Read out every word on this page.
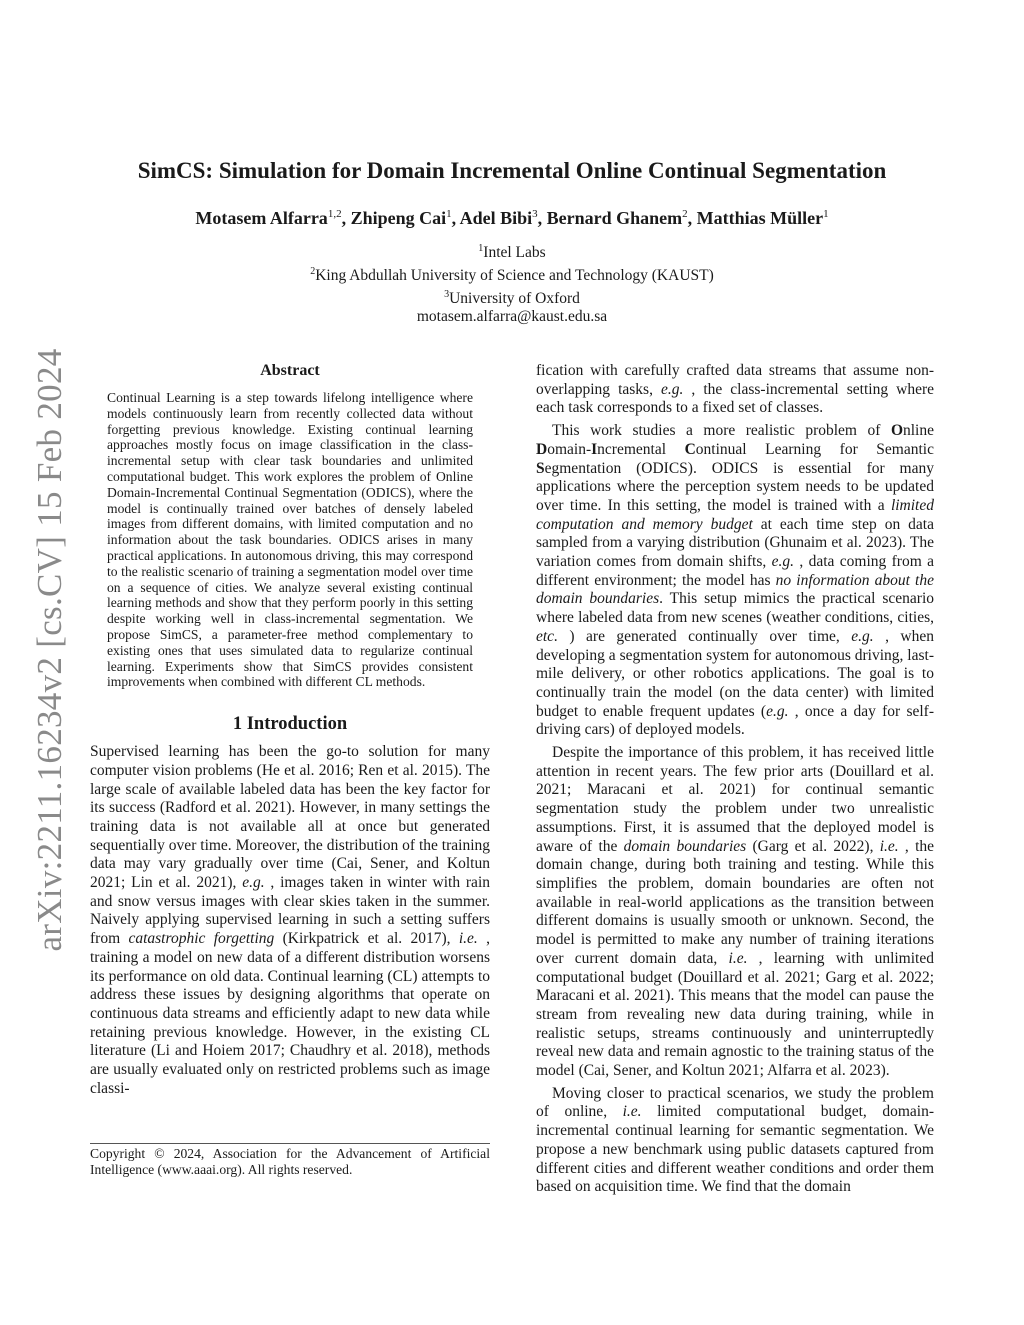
arXiv:2211.16234v2 [cs.CV] 15 Feb 2024
SimCS: Simulation for Domain Incremental Online Continual Segmentation
Motasem Alfarra$^{1,2}$, Zhipeng Cai$^1$, Adel Bibi$^3$, Bernard Ghanem$^2$, Matthias Müller$^1$
$^1$Intel Labs
$^2$King Abdullah University of Science and Technology (KAUST)
$^3$University of Oxford
motasem.alfarra@kaust.edu.sa
Abstract

Continual Learning is a step towards lifelong intelligence where models continuously learn from recently collected data without forgetting previous knowledge. Existing continual learning approaches mostly focus on image classification in the class-incremental setup with clear task boundaries and unlimited computational budget. This work explores the problem of Online Domain-Incremental Continual Segmentation (ODICS), where the model is continually trained over batches of densely labeled images from different domains, with limited computation and no information about the task boundaries. ODICS arises in many practical applications. In autonomous driving, this may correspond to the realistic scenario of training a segmentation model over time on a sequence of cities. We analyze several existing continual learning methods and show that they perform poorly in this setting despite working well in class-incremental segmentation. We propose SimCS, a parameter-free method complementary to existing ones that uses simulated data to regularize continual learning. Experiments show that SimCS provides consistent improvements when combined with different CL methods.

1 Introduction

Supervised learning has been the go-to solution for many computer vision problems (He et al. 2016; Ren et al. 2015). The large scale of available labeled data has been the key factor for its success (Radford et al. 2021). However, in many settings the training data is not available all at once but generated sequentially over time. Moreover, the distribution of the training data may vary gradually over time (Cai, Sener, and Koltun 2021; Lin et al. 2021), e.g. , images taken in winter with rain and snow versus images with clear skies taken in the summer. Naively applying supervised learning in such a setting suffers from catastrophic forgetting (Kirkpatrick et al. 2017), i.e. , training a model on new data of a different distribution worsens its performance on old data. Continual learning (CL) attempts to address these issues by designing algorithms that operate on continuous data streams and efficiently adapt to new data while retaining previous knowledge. However, in the existing CL literature (Li and Hoiem 2017; Chaudhry et al. 2018), methods are usually evaluated only on restricted problems such as image classi-

Copyright © 2024, Association for the Advancement of Artificial Intelligence (www.aaai.org). All rights reserved.

fication with carefully crafted data streams that assume non-overlapping tasks, e.g. , the class-incremental setting where each task corresponds to a fixed set of classes.

This work studies a more realistic problem of Online Domain-Incremental Continual Learning for Semantic Segmentation (ODICS). ODICS is essential for many applications where the perception system needs to be updated over time. In this setting, the model is trained with a limited computation and memory budget at each time step on data sampled from a varying distribution (Ghunaim et al. 2023). The variation comes from domain shifts, e.g. , data coming from a different environment; the model has no information about the domain boundaries. This setup mimics the practical scenario where labeled data from new scenes (weather conditions, cities, etc. ) are generated continually over time, e.g. , when developing a segmentation system for autonomous driving, last-mile delivery, or other robotics applications. The goal is to continually train the model (on the data center) with limited budget to enable frequent updates (e.g. , once a day for self-driving cars) of deployed models.

Despite the importance of this problem, it has received little attention in recent years. The few prior arts (Douillard et al. 2021; Maracani et al. 2021) for continual semantic segmentation study the problem under two unrealistic assumptions. First, it is assumed that the deployed model is aware of the domain boundaries (Garg et al. 2022), i.e. , the domain change, during both training and testing. While this simplifies the problem, domain boundaries are often not available in real-world applications as the transition between different domains is usually smooth or unknown. Second, the model is permitted to make any number of training iterations over current domain data, i.e. , learning with unlimited computational budget (Douillard et al. 2021; Garg et al. 2022; Maracani et al. 2021). This means that the model can pause the stream from revealing new data during training, while in realistic setups, streams continuously and uninterruptedly reveal new data and remain agnostic to the training status of the model (Cai, Sener, and Koltun 2021; Alfarra et al. 2023).

Moving closer to practical scenarios, we study the problem of online, i.e. limited computational budget, domain-incremental continual learning for semantic segmentation. We propose a new benchmark using public datasets captured from different cities and different weather conditions and order them based on acquisition time. We find that the domain
